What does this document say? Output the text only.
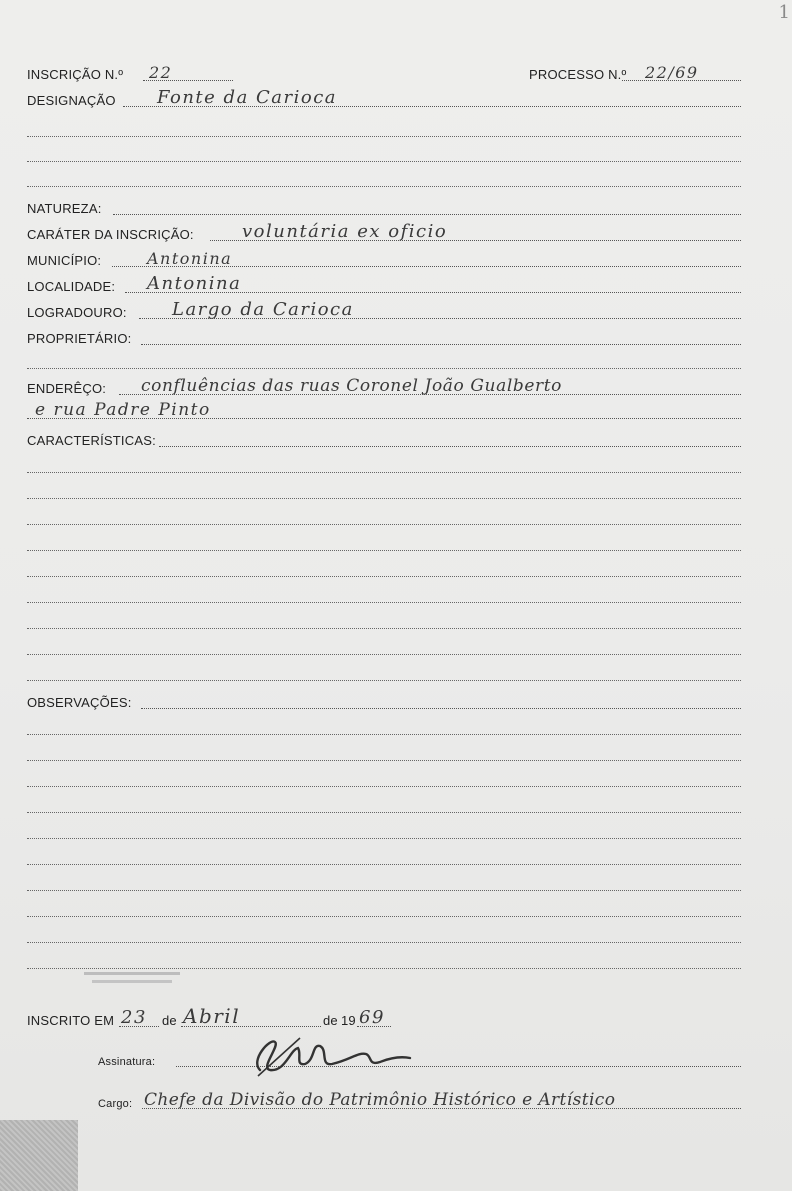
1
INSCRIÇÃO N.º 22	PROCESSO N.º 22/69
DESIGNAÇÃO Fonte da Carioca
NATUREZA:
CARÁTER DA INSCRIÇÃO:	voluntária ex oficio
MUNICÍPIO:	Antonina
LOCALIDADE: Antonina
LOGRADOURO:	Largo da Carioca
PROPRIETÁRIO:
ENDERÊÇO: confluências das ruas Coronel João Gualberto
e rua Padre Pinto
CARACTERÍSTICAS:
OBSERVAÇÕES:
INSCRITO EM 23 de Abril	de 19 69
Assinatura:
Cargo: Chefe da Divisão do Patrimônio Histórico e Artístico
